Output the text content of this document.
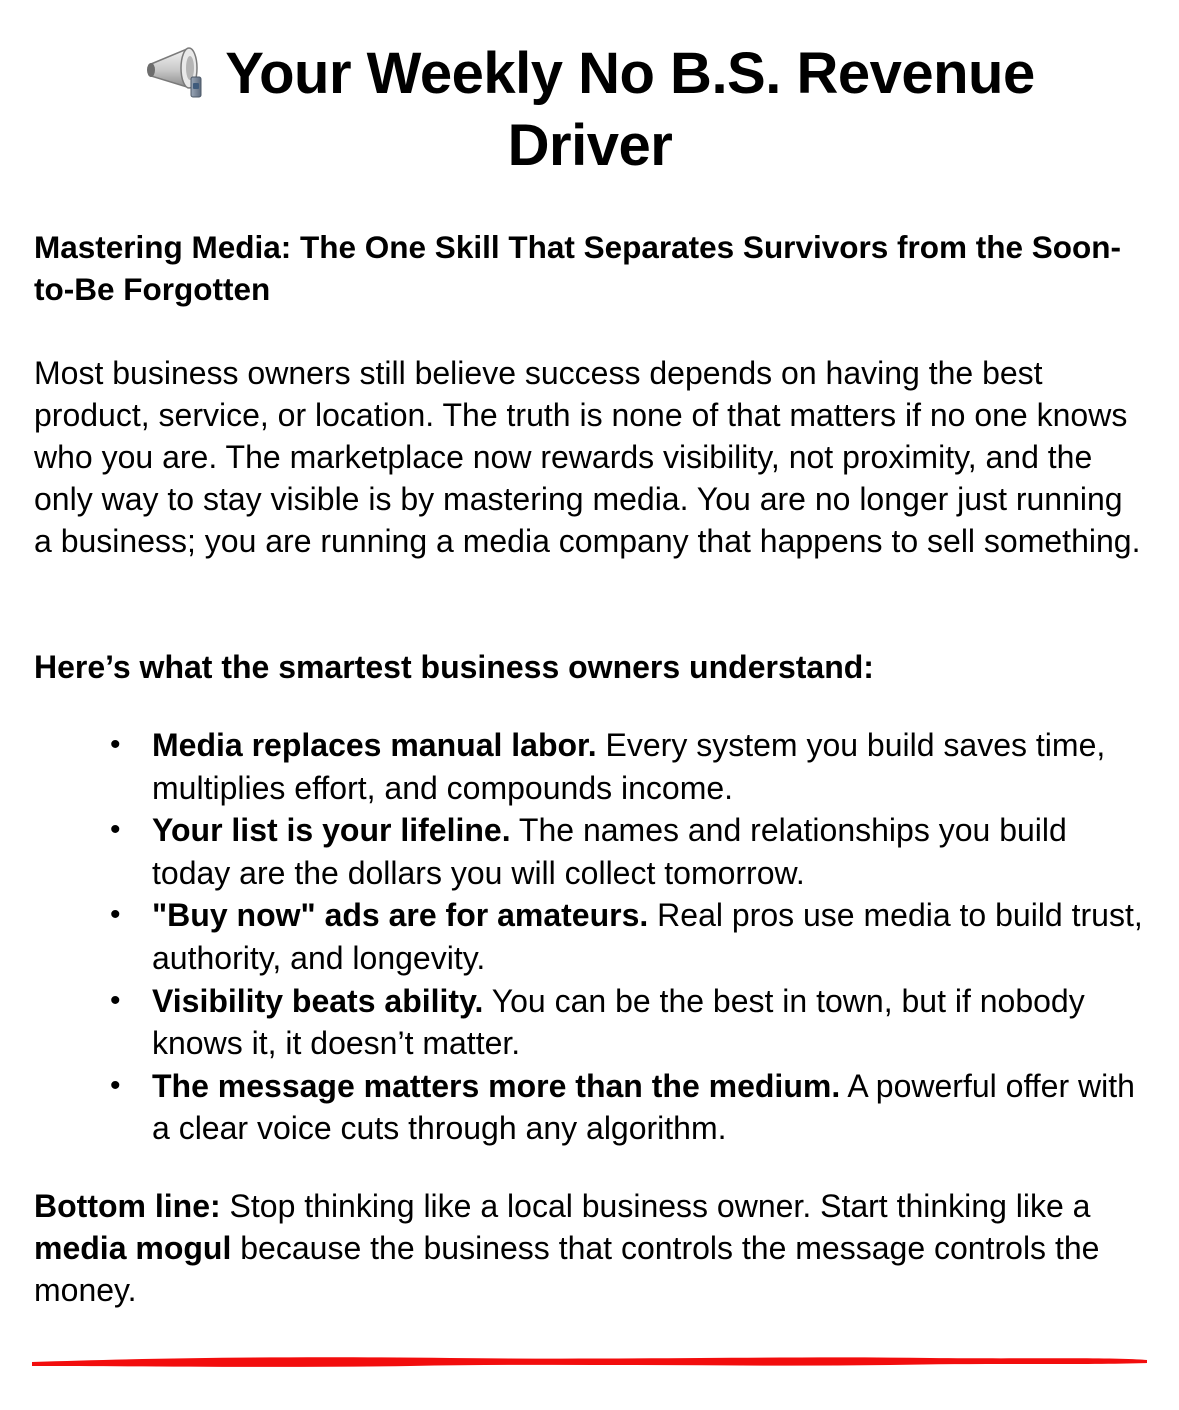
Your Weekly No B.S. Revenue Driver

Mastering Media: The One Skill That Separates Survivors from the Soon-to-Be Forgotten

Most business owners still believe success depends on having the best product, service, or location. The truth is none of that matters if no one knows who you are. The marketplace now rewards visibility, not proximity, and the only way to stay visible is by mastering media. You are no longer just running a business; you are running a media company that happens to sell something.

Here’s what the smartest business owners understand:

• Media replaces manual labor. Every system you build saves time, multiplies effort, and compounds income.
• Your list is your lifeline. The names and relationships you build today are the dollars you will collect tomorrow.
• "Buy now" ads are for amateurs. Real pros use media to build trust, authority, and longevity.
• Visibility beats ability. You can be the best in town, but if nobody knows it, it doesn’t matter.
• The message matters more than the medium. A powerful offer with a clear voice cuts through any algorithm.

Bottom line: Stop thinking like a local business owner. Start thinking like a media mogul because the business that controls the message controls the money.
